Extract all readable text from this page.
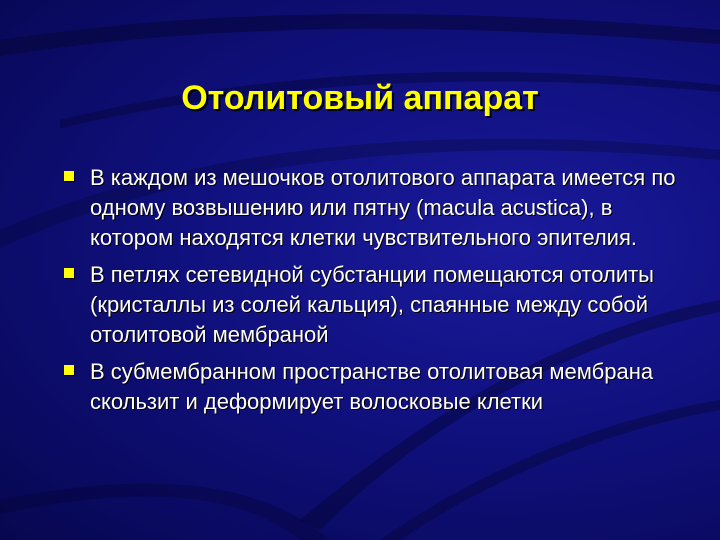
Отолитовый аппарат
В каждом из мешочков отолитового аппарата имеется по одному возвышению или пятну (macula acustica), в котором находятся клетки чувствительного эпителия.
В петлях сетевидной субстанции помещаются отолиты (кристаллы из солей кальция), спаянные между собой отолитовой мембраной
В субмембранном пространстве отолитовая мембрана скользит и деформирует волосковые клетки
